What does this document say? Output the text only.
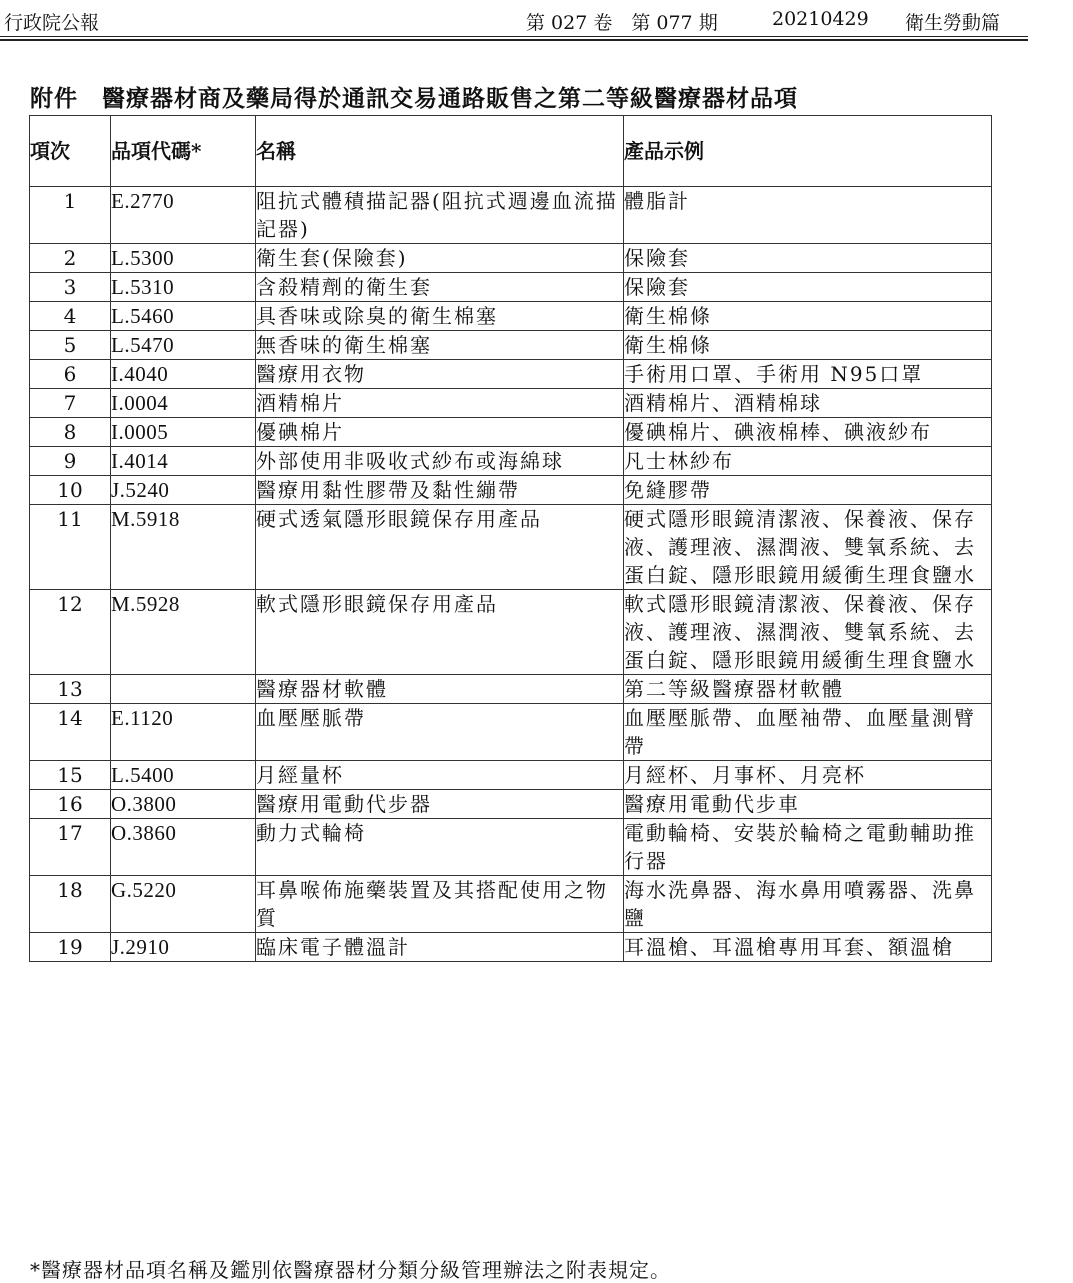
行政院公報	第 027 卷　第 077 期	20210429 衛生勞動篇
附件　醫療器材商及藥局得於通訊交易通路販售之第二等級醫療器材品項
項次	品項代碼*	名稱	產品示例
1	E.2770	阻抗式體積描記器(阻抗式週邊血流描記器)	體脂計
2	L.5300	衛生套(保險套)	保險套
3	L.5310	含殺精劑的衛生套	保險套
4	L.5460	具香味或除臭的衛生棉塞	衛生棉條
5	L.5470	無香味的衛生棉塞	衛生棉條
6	I.4040	醫療用衣物	手術用口罩、手術用 N95口罩
7	I.0004	酒精棉片	酒精棉片、酒精棉球
8	I.0005	優碘棉片	優碘棉片、碘液棉棒、碘液紗布
9	I.4014	外部使用非吸收式紗布或海綿球	凡士林紗布
10	J.5240	醫療用黏性膠帶及黏性繃帶	免縫膠帶
11	M.5918	硬式透氣隱形眼鏡保存用產品	硬式隱形眼鏡清潔液、保養液、保存液、護理液、濕潤液、雙氧系統、去蛋白錠、隱形眼鏡用緩衝生理食鹽水
12	M.5928	軟式隱形眼鏡保存用產品	軟式隱形眼鏡清潔液、保養液、保存液、護理液、濕潤液、雙氧系統、去蛋白錠、隱形眼鏡用緩衝生理食鹽水
13		醫療器材軟體	第二等級醫療器材軟體
14	E.1120	血壓壓脈帶	血壓壓脈帶、血壓袖帶、血壓量測臂帶
15	L.5400	月經量杯	月經杯、月事杯、月亮杯
16	O.3800	醫療用電動代步器	醫療用電動代步車
17	O.3860	動力式輪椅	電動輪椅、安裝於輪椅之電動輔助推行器
18	G.5220	耳鼻喉佈施藥裝置及其搭配使用之物質	海水洗鼻器、海水鼻用噴霧器、洗鼻鹽
19	J.2910	臨床電子體溫計	耳溫槍、耳溫槍專用耳套、額溫槍
*醫療器材品項名稱及鑑別依醫療器材分類分級管理辦法之附表規定。
